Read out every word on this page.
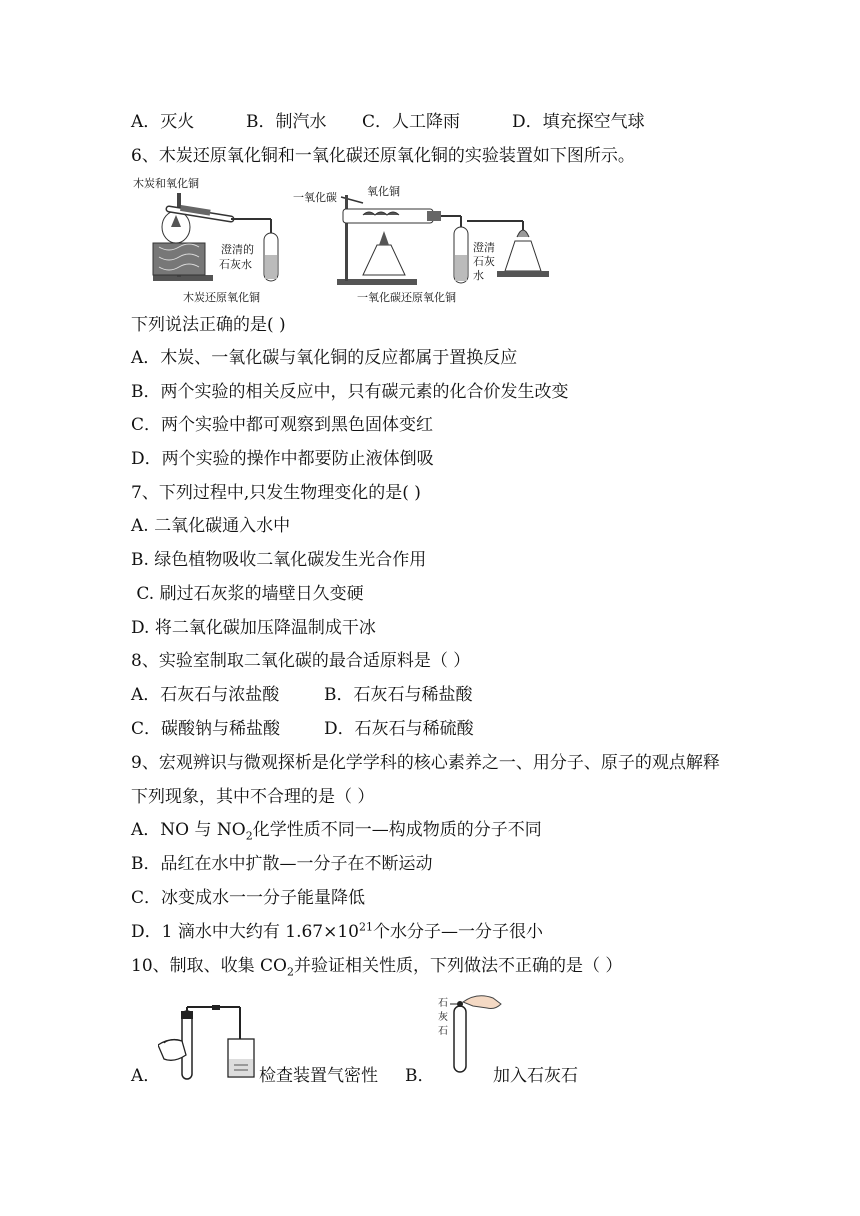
A．灭火	B．制汽水 C．人工降雨	D．填充探空气球
6、木炭还原氧化铜和一氧化碳还原氧化铜的实验装置如下图所示。
木炭和氧化铜
澄清的
石灰水
木炭还原氧化铜
一氧化碳	氧化铜
澄清
石灰
水
一氧化碳还原氧化铜
下列说法正确的是( )
A．木炭、一氧化碳与氧化铜的反应都属于置换反应
B．两个实验的相关反应中，只有碳元素的化合价发生改变
C．两个实验中都可观察到黑色固体变红
D．两个实验的操作中都要防止液体倒吸
7、下列过程中,只发生物理变化的是( )
A. 二氧化碳通入水中
B. 绿色植物吸收二氧化碳发生光合作用
C. 刷过石灰浆的墙壁日久变硬
D. 将二氧化碳加压降温制成干冰
8、实验室制取二氧化碳的最合适原料是（ ）
A．石灰石与浓盐酸	B．石灰石与稀盐酸
C．碳酸钠与稀盐酸	D．石灰石与稀硫酸
9、宏观辨识与微观探析是化学学科的核心素养之一、用分子、原子的观点解释
下列现象，其中不合理的是（ ）
A．NO 与 $NO_2$化学性质不同一—构成物质的分子不同
B．品红在水中扩散—一分子在不断运动
C．冰变成水一一分子能量降低
D．1 滴水中大约有 $1.67\times 10^{21}$个水分子—一分子很小
10、制取、收集 $CO_2$并验证相关性质，下列做法不正确的是（ ）
A．	检查装置气密性 B．	加入石灰石
石
灰
石
